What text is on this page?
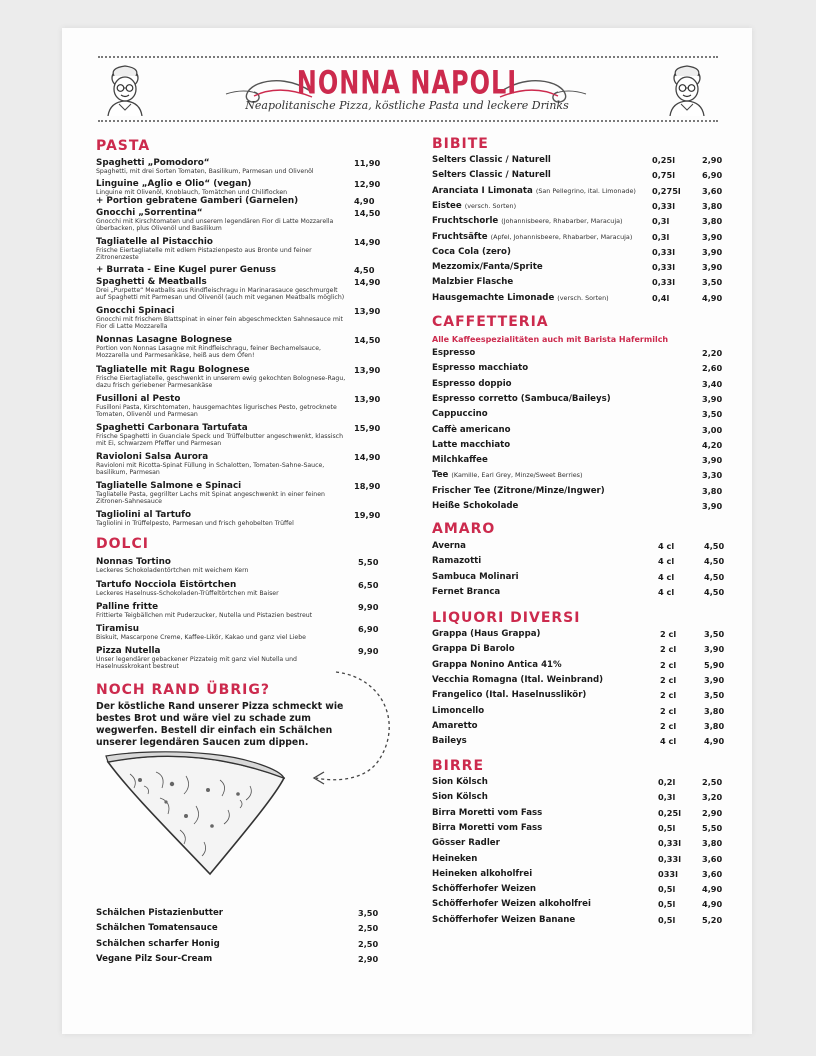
NONNA NAPOLI
Neapolitanische Pizza, köstliche Pasta und leckere Drinks
PASTA
Spaghetti „Pomodoro“
Spaghetti, mit drei Sorten Tomaten, Basilikum, Parmesan und Olivenöl
11,90
Linguine „Aglio e Olio“ (vegan)
Linguine mit Olivenöl, Knoblauch, Tomätchen und Chiliflocken
12,90
+ Portion gebratene Gamberi (Garnelen)	4,90
Gnocchi „Sorrentina“
Gnocchi mit Kirschtomaten und unserem legendären Fior di Latte Mozzarella überbacken, plus Olivenöl und Basilikum
14,50
Tagliatelle al Pistacchio
Frische Eiertagliatelle mit edlem Pistazienpesto aus Bronte und feiner Zitronenzeste
14,90
+ Burrata - Eine Kugel purer Genuss	4,50
Spaghetti & Meatballs
Drei „Purpette“ Meatballs aus Rindfleischragu in Marinarasauce geschmurgelt auf Spaghetti mit Parmesan und Olivenöl (auch mit veganen Meatballs möglich)
14,90
Gnocchi Spinaci
Gnocchi mit frischem Blattspinat in einer fein abgeschmeckten Sahnesauce mit Fior di Latte Mozzarella
13,90
Nonnas Lasagne Bolognese
Portion von Nonnas Lasagne mit Rindfleischragu, feiner Bechamelsauce, Mozzarella und Parmesankäse, heiß aus dem Ofen!
14,50
Tagliatelle mit Ragu Bolognese
Frische Eiertagliatelle, geschwenkt in unserem ewig gekochten Bolognese-Ragu, dazu frisch geriebener Parmesankäse
13,90
Fusilloni al Pesto
Fusilloni Pasta, Kirschtomaten, hausgemachtes ligurisches Pesto, getrocknete Tomaten, Olivenöl und Parmesan
13,90
Spaghetti Carbonara Tartufata
Frische Spaghetti in Guanciale Speck und Trüffelbutter angeschwenkt, klassisch mit Ei, schwarzem Pfeffer und Parmesan
15,90
Ravioloni Salsa Aurora
Ravioloni mit Ricotta-Spinat Füllung in Schalotten, Tomaten-Sahne-Sauce, basilikum, Parmesan
14,90
Tagliatelle Salmone e Spinaci
Tagliatelle Pasta, gegrillter Lachs mit Spinat angeschwenkt in einer feinen Zitronen-Sahnesauce
18,90
Tagliolini al Tartufo
Tagliolini in Trüffelpesto, Parmesan und frisch gehobelten Trüffel
19,90
DOLCI
Nonnas Tortino
Leckeres Schokoladentörtchen mit weichem Kern
5,50
Tartufo Nocciola Eistörtchen
Leckeres Haselnuss-Schokoladen-Trüffeltörtchen mit Baiser
6,50
Palline fritte
Frittierte Teigbällchen mit Puderzucker, Nutella und Pistazien bestreut
9,90
Tiramisu
Biskuit, Mascarpone Creme, Kaffee-Likör, Kakao und ganz viel Liebe
6,90
Pizza Nutella
Unser legendärer gebackener Pizzateig mit ganz viel Nutella und Haselnusskrokant bestreut
9,90
NOCH RAND ÜBRIG?
Der köstliche Rand unserer Pizza schmeckt wie bestes Brot und wäre viel zu schade zum wegwerfen. Bestell dir einfach ein Schälchen unserer legendären Saucen zum dippen.
Schälchen Pistazienbutter	3,50
Schälchen Tomatensauce	2,50
Schälchen scharfer Honig	2,50
Vegane Pilz Sour-Cream	2,90
BIBITE
Selters Classic / Naturell	0,25l	2,90
Selters Classic / Naturell	0,75l	6,90
Aranciata I Limonata (San Pellegrino, ital. Limonade) 0,275l	3,60
Eistee (versch. Sorten)	0,33l	3,80
Fruchtschorle (Johannisbeere, Rhabarber, Maracuja)	0,3l	3,80
Fruchtsäfte (Apfel, Johannisbeere, Rhabarber, Maracuja) 0,3l	3,90
Coca Cola (zero)	0,33l	3,90
Mezzomix/Fanta/Sprite	0,33l	3,90
Malzbier Flasche	0,33l	3,50
Hausgemachte Limonade (versch. Sorten)	0,4l	4,90
CAFFETTERIA
Alle Kaffeespezialitäten auch mit Barista Hafermilch
Espresso	2,20
Espresso macchiato	2,60
Espresso doppio	3,40
Espresso corretto (Sambuca/Baileys)	3,90
Cappuccino	3,50
Caffè americano	3,00
Latte macchiato	4,20
Milchkaffee	3,90
Tee (Kamille, Earl Grey, Minze/Sweet Berries)	3,30
Frischer Tee (Zitrone/Minze/Ingwer)	3,80
Heiße Schokolade	3,90
AMARO
Averna	4 cl	4,50
Ramazotti	4 cl	4,50
Sambuca Molinari	4 cl	4,50
Fernet Branca	4 cl	4,50
LIQUORI DIVERSI
Grappa (Haus Grappa)	2 cl	3,50
Grappa Di Barolo	2 cl	3,90
Grappa Nonino Antica 41%	2 cl	5,90
Vecchia Romagna (Ital. Weinbrand)	2 cl	3,90
Frangelico (Ital. Haselnusslikör)	2 cl	3,50
Limoncello	2 cl	3,80
Amaretto	2 cl	3,80
Baileys	4 cl	4,90
BIRRE
Sion Kölsch	0,2l	2,50
Sion Kölsch	0,3l	3,20
Birra Moretti vom Fass	0,25l	2,90
Birra Moretti vom Fass	0,5l	5,50
Gösser Radler	0,33l	3,80
Heineken	0,33l	3,60
Heineken alkoholfrei	033l	3,60
Schöfferhofer Weizen	0,5l	4,90
Schöfferhofer Weizen alkoholfrei	0,5l	4,90
Schöfferhofer Weizen Banane	0,5l	5,20
